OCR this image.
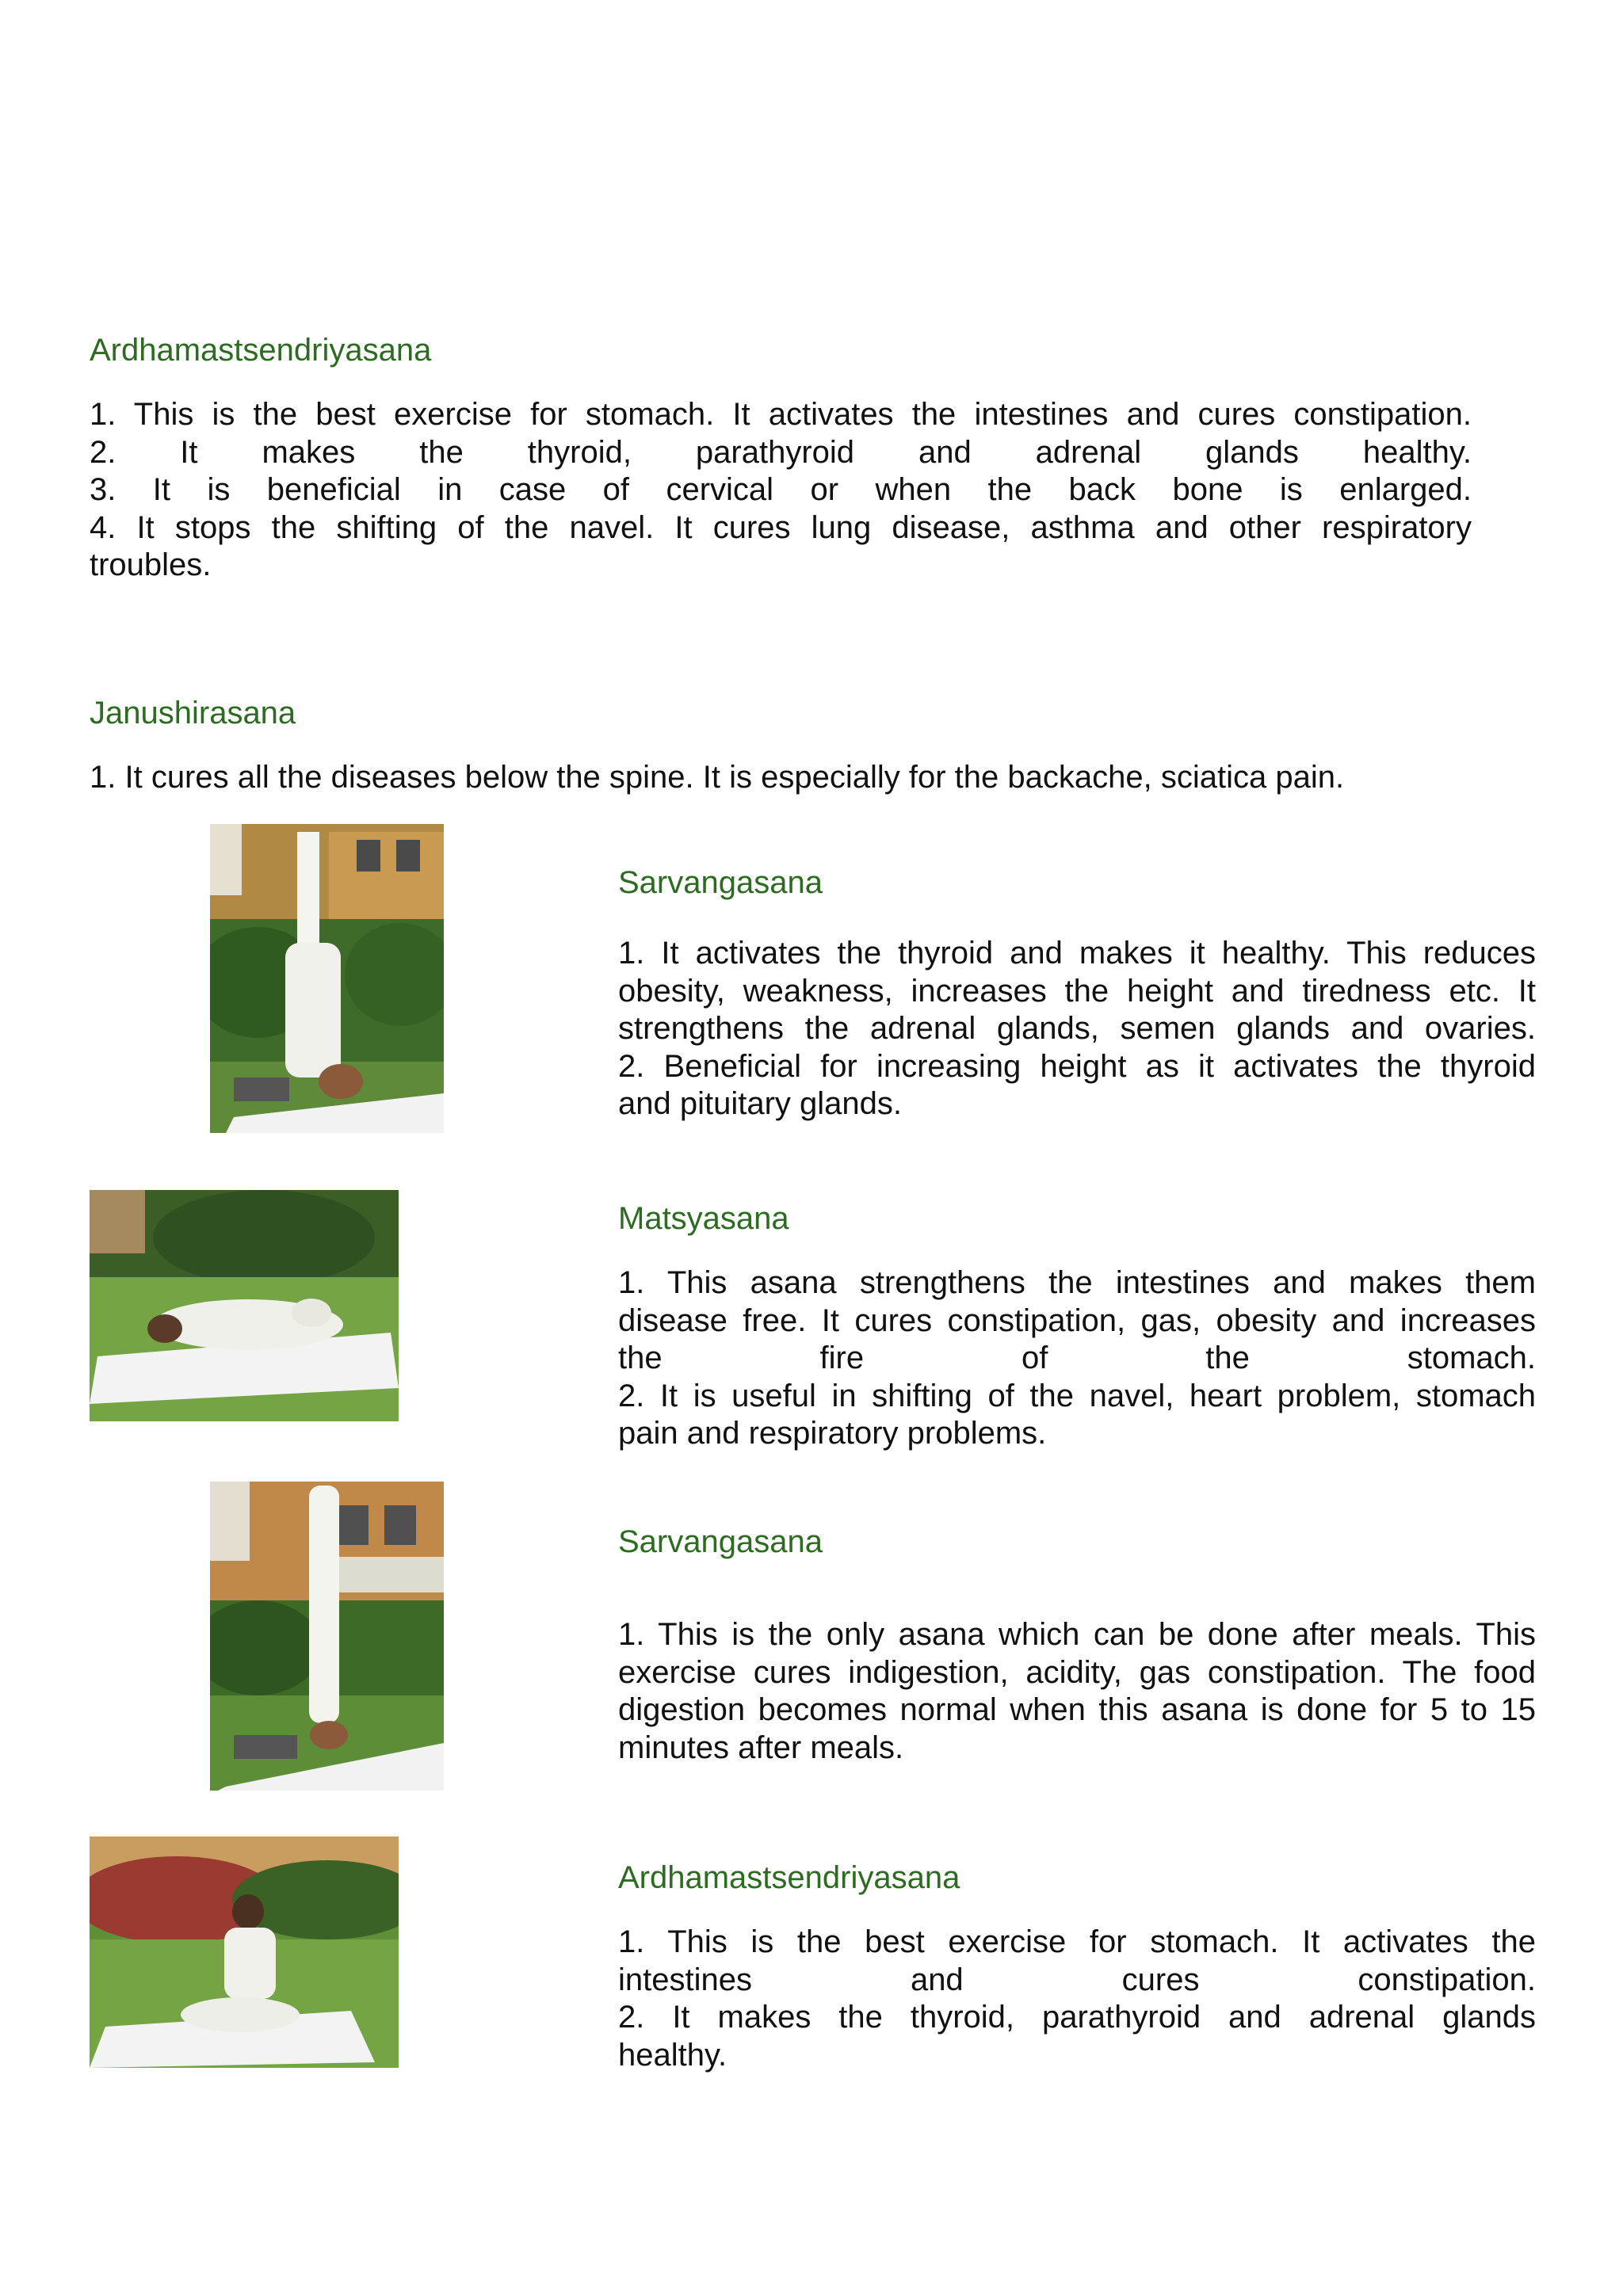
Ardhamastsendriyasana
1. This is the best exercise for stomach. It activates the intestines and cures constipation.
2. It makes the thyroid, parathyroid and adrenal glands healthy.
3. It is beneficial in case of cervical or when the back bone is enlarged.
4. It stops the shifting of the navel. It cures lung disease, asthma and other respiratory
troubles.
Janushirasana
1. It cures all the diseases below the spine. It is especially for the backache, sciatica pain.
Sarvangasana
1. It activates the thyroid and makes it healthy. This reduces
obesity, weakness, increases the height and tiredness etc. It
strengthens the adrenal glands, semen glands and ovaries.
2. Beneficial for increasing height as it activates the thyroid
and pituitary glands.
Matsyasana
1. This asana strengthens the intestines and makes them
disease free. It cures constipation, gas, obesity and increases
the fire of the stomach.
2. It is useful in shifting of the navel, heart problem, stomach
pain and respiratory problems.
Sarvangasana
1. This is the only asana which can be done after meals. This
exercise cures indigestion, acidity, gas constipation. The food
digestion becomes normal when this asana is done for 5 to 15
minutes after meals.
Ardhamastsendriyasana
1. This is the best exercise for stomach. It activates the
intestines and cures constipation.
2. It makes the thyroid, parathyroid and adrenal glands
healthy.
